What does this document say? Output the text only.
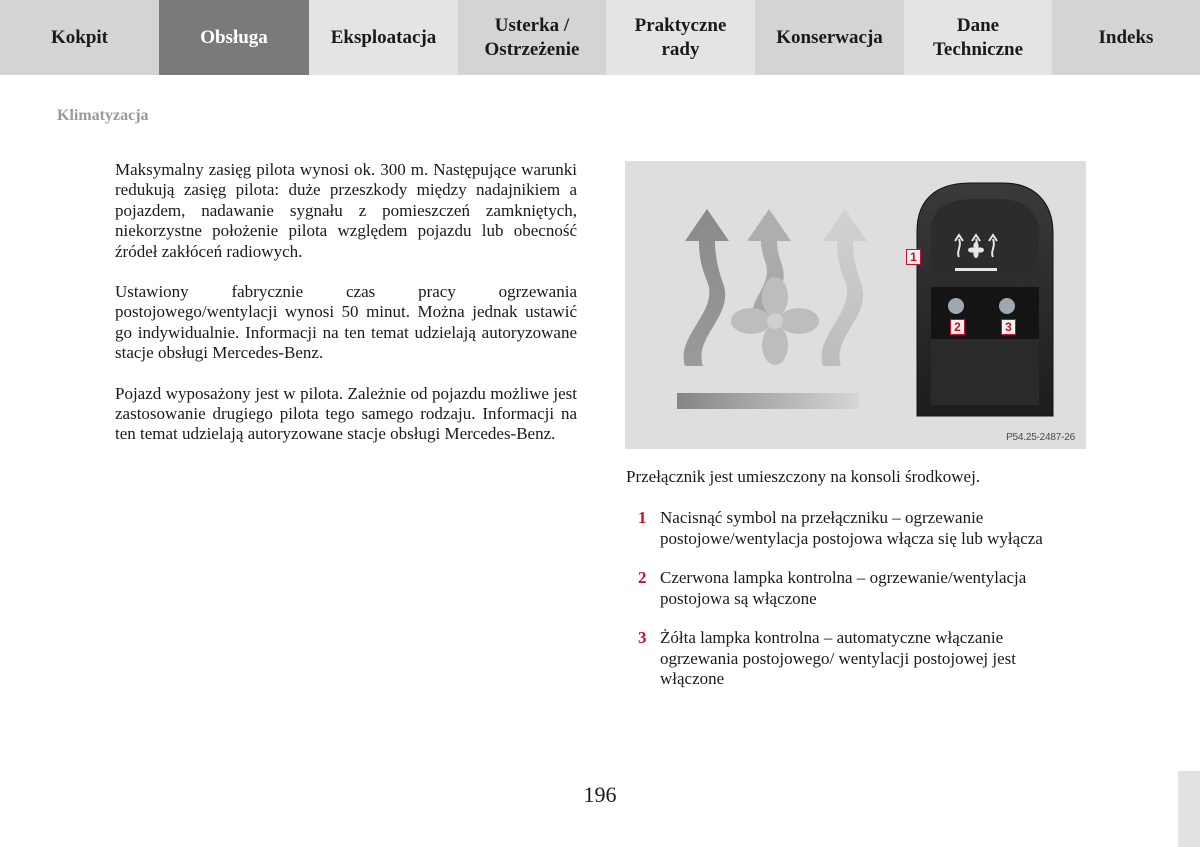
Kokpit	Obsługa	Eksploatacja
Usterka /
Ostrzeżenie
Praktyczne
rady
Konserwacja
Dane
Techniczne
Indeks
Klimatyzacja

Maksymalny zasięg pilota wynosi ok. 300 m. Następujące warunki redukują zasięg pilota: duże przeszkody między nadajnikiem a pojazdem, nadawanie sygnału z pomieszczeń zamkniętych, niekorzystne położenie pilota względem pojazdu lub obecność źródeł zakłóceń radiowych.

Ustawiony fabrycznie czas pracy ogrzewania postojowego/wentylacji wynosi 50 minut. Można jednak ustawić go indywidualnie. Informacji na ten temat udzielają autoryzowane stacje obsługi Mercedes-Benz.

Pojazd wyposażony jest w pilota. Zależnie od pojazdu możliwe jest zastosowanie drugiego pilota tego samego rodzaju. Informacji na ten temat udzielają autoryzowane stacje obsługi Mercedes-Benz.

1
2	3
P54.25-2487-26
Przełącznik jest umieszczony na konsoli środkowej.
1 Nacisnąć symbol na przełączniku – ogrzewanie postojowe/wentylacja postojowa włącza się lub wyłącza
2 Czerwona lampka kontrolna – ogrzewanie/wentylacja postojowa są włączone
3 Żółta lampka kontrolna – automatyczne włączanie ogrzewania postojowego/ wentylacji postojowej jest włączone
196
